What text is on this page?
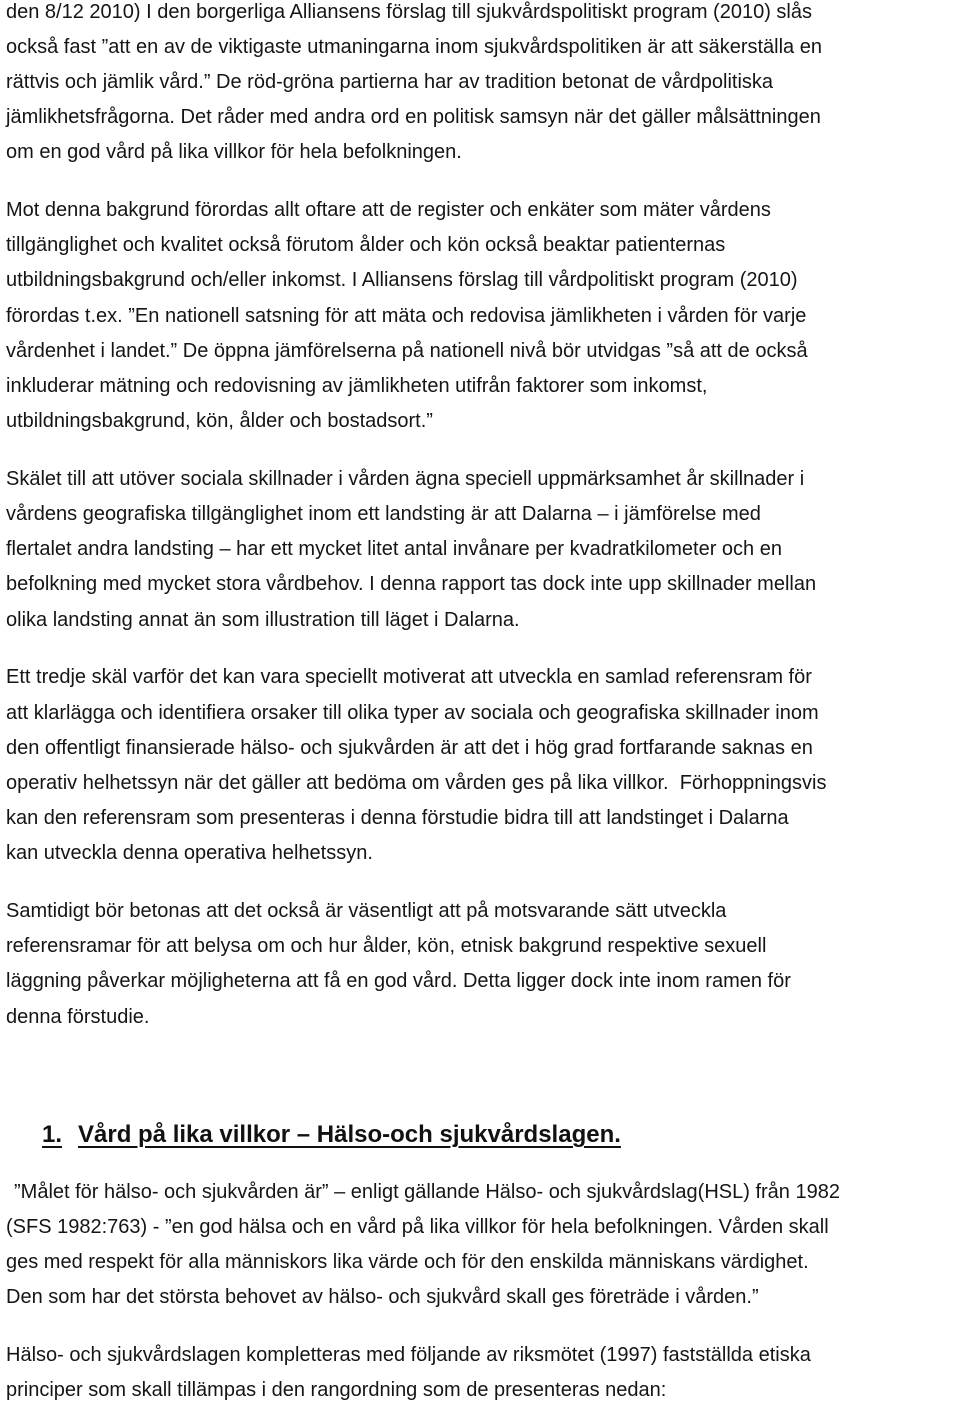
den 8/12 2010) I den borgerliga Alliansens förslag till sjukvårdspolitiskt program (2010) slås
också fast ”att en av de viktigaste utmaningarna inom sjukvårdspolitiken är att säkerställa en
rättvis och jämlik vård.” De röd-gröna partierna har av tradition betonat de vårdpolitiska
jämlikhetsfrågorna. Det råder med andra ord en politisk samsyn när det gäller målsättningen
om en god vård på lika villkor för hela befolkningen.
Mot denna bakgrund förordas allt oftare att de register och enkäter som mäter vårdens
tillgänglighet och kvalitet också förutom ålder och kön också beaktar patienternas
utbildningsbakgrund och/eller inkomst. I Alliansens förslag till vårdpolitiskt program (2010)
förordas t.ex. ”En nationell satsning för att mäta och redovisa jämlikheten i vården för varje
vårdenhet i landet.” De öppna jämförelserna på nationell nivå bör utvidgas ”så att de också
inkluderar mätning och redovisning av jämlikheten utifrån faktorer som inkomst,
utbildningsbakgrund, kön, ålder och bostadsort.”
Skälet till att utöver sociala skillnader i vården ägna speciell uppmärksamhet år skillnader i
vårdens geografiska tillgänglighet inom ett landsting är att Dalarna – i jämförelse med
flertalet andra landsting – har ett mycket litet antal invånare per kvadratkilometer och en
befolkning med mycket stora vårdbehov. I denna rapport tas dock inte upp skillnader mellan
olika landsting annat än som illustration till läget i Dalarna.
Ett tredje skäl varför det kan vara speciellt motiverat att utveckla en samlad referensram för
att klarlägga och identifiera orsaker till olika typer av sociala och geografiska skillnader inom
den offentligt finansierade hälso- och sjukvården är att det i hög grad fortfarande saknas en
operativ helhetssyn när det gäller att bedöma om vården ges på lika villkor.  Förhoppningsvis
kan den referensram som presenteras i denna förstudie bidra till att landstinget i Dalarna
kan utveckla denna operativa helhetssyn.
Samtidigt bör betonas att det också är väsentligt att på motsvarande sätt utveckla
referensramar för att belysa om och hur ålder, kön, etnisk bakgrund respektive sexuell
läggning påverkar möjligheterna att få en god vård. Detta ligger dock inte inom ramen för
denna förstudie.
1. Vård på lika villkor – Hälso-och sjukvårdslagen.
”Målet för hälso- och sjukvården är” – enligt gällande Hälso- och sjukvårdslag(HSL) från 1982
(SFS 1982:763) - ”en god hälsa och en vård på lika villkor för hela befolkningen. Vården skall
ges med respekt för alla människors lika värde och för den enskilda människans värdighet.
Den som har det största behovet av hälso- och sjukvård skall ges företräde i vården.”
Hälso- och sjukvårdslagen kompletteras med följande av riksmötet (1997) fastställda etiska
principer som skall tillämpas i den rangordning som de presenteras nedan:
